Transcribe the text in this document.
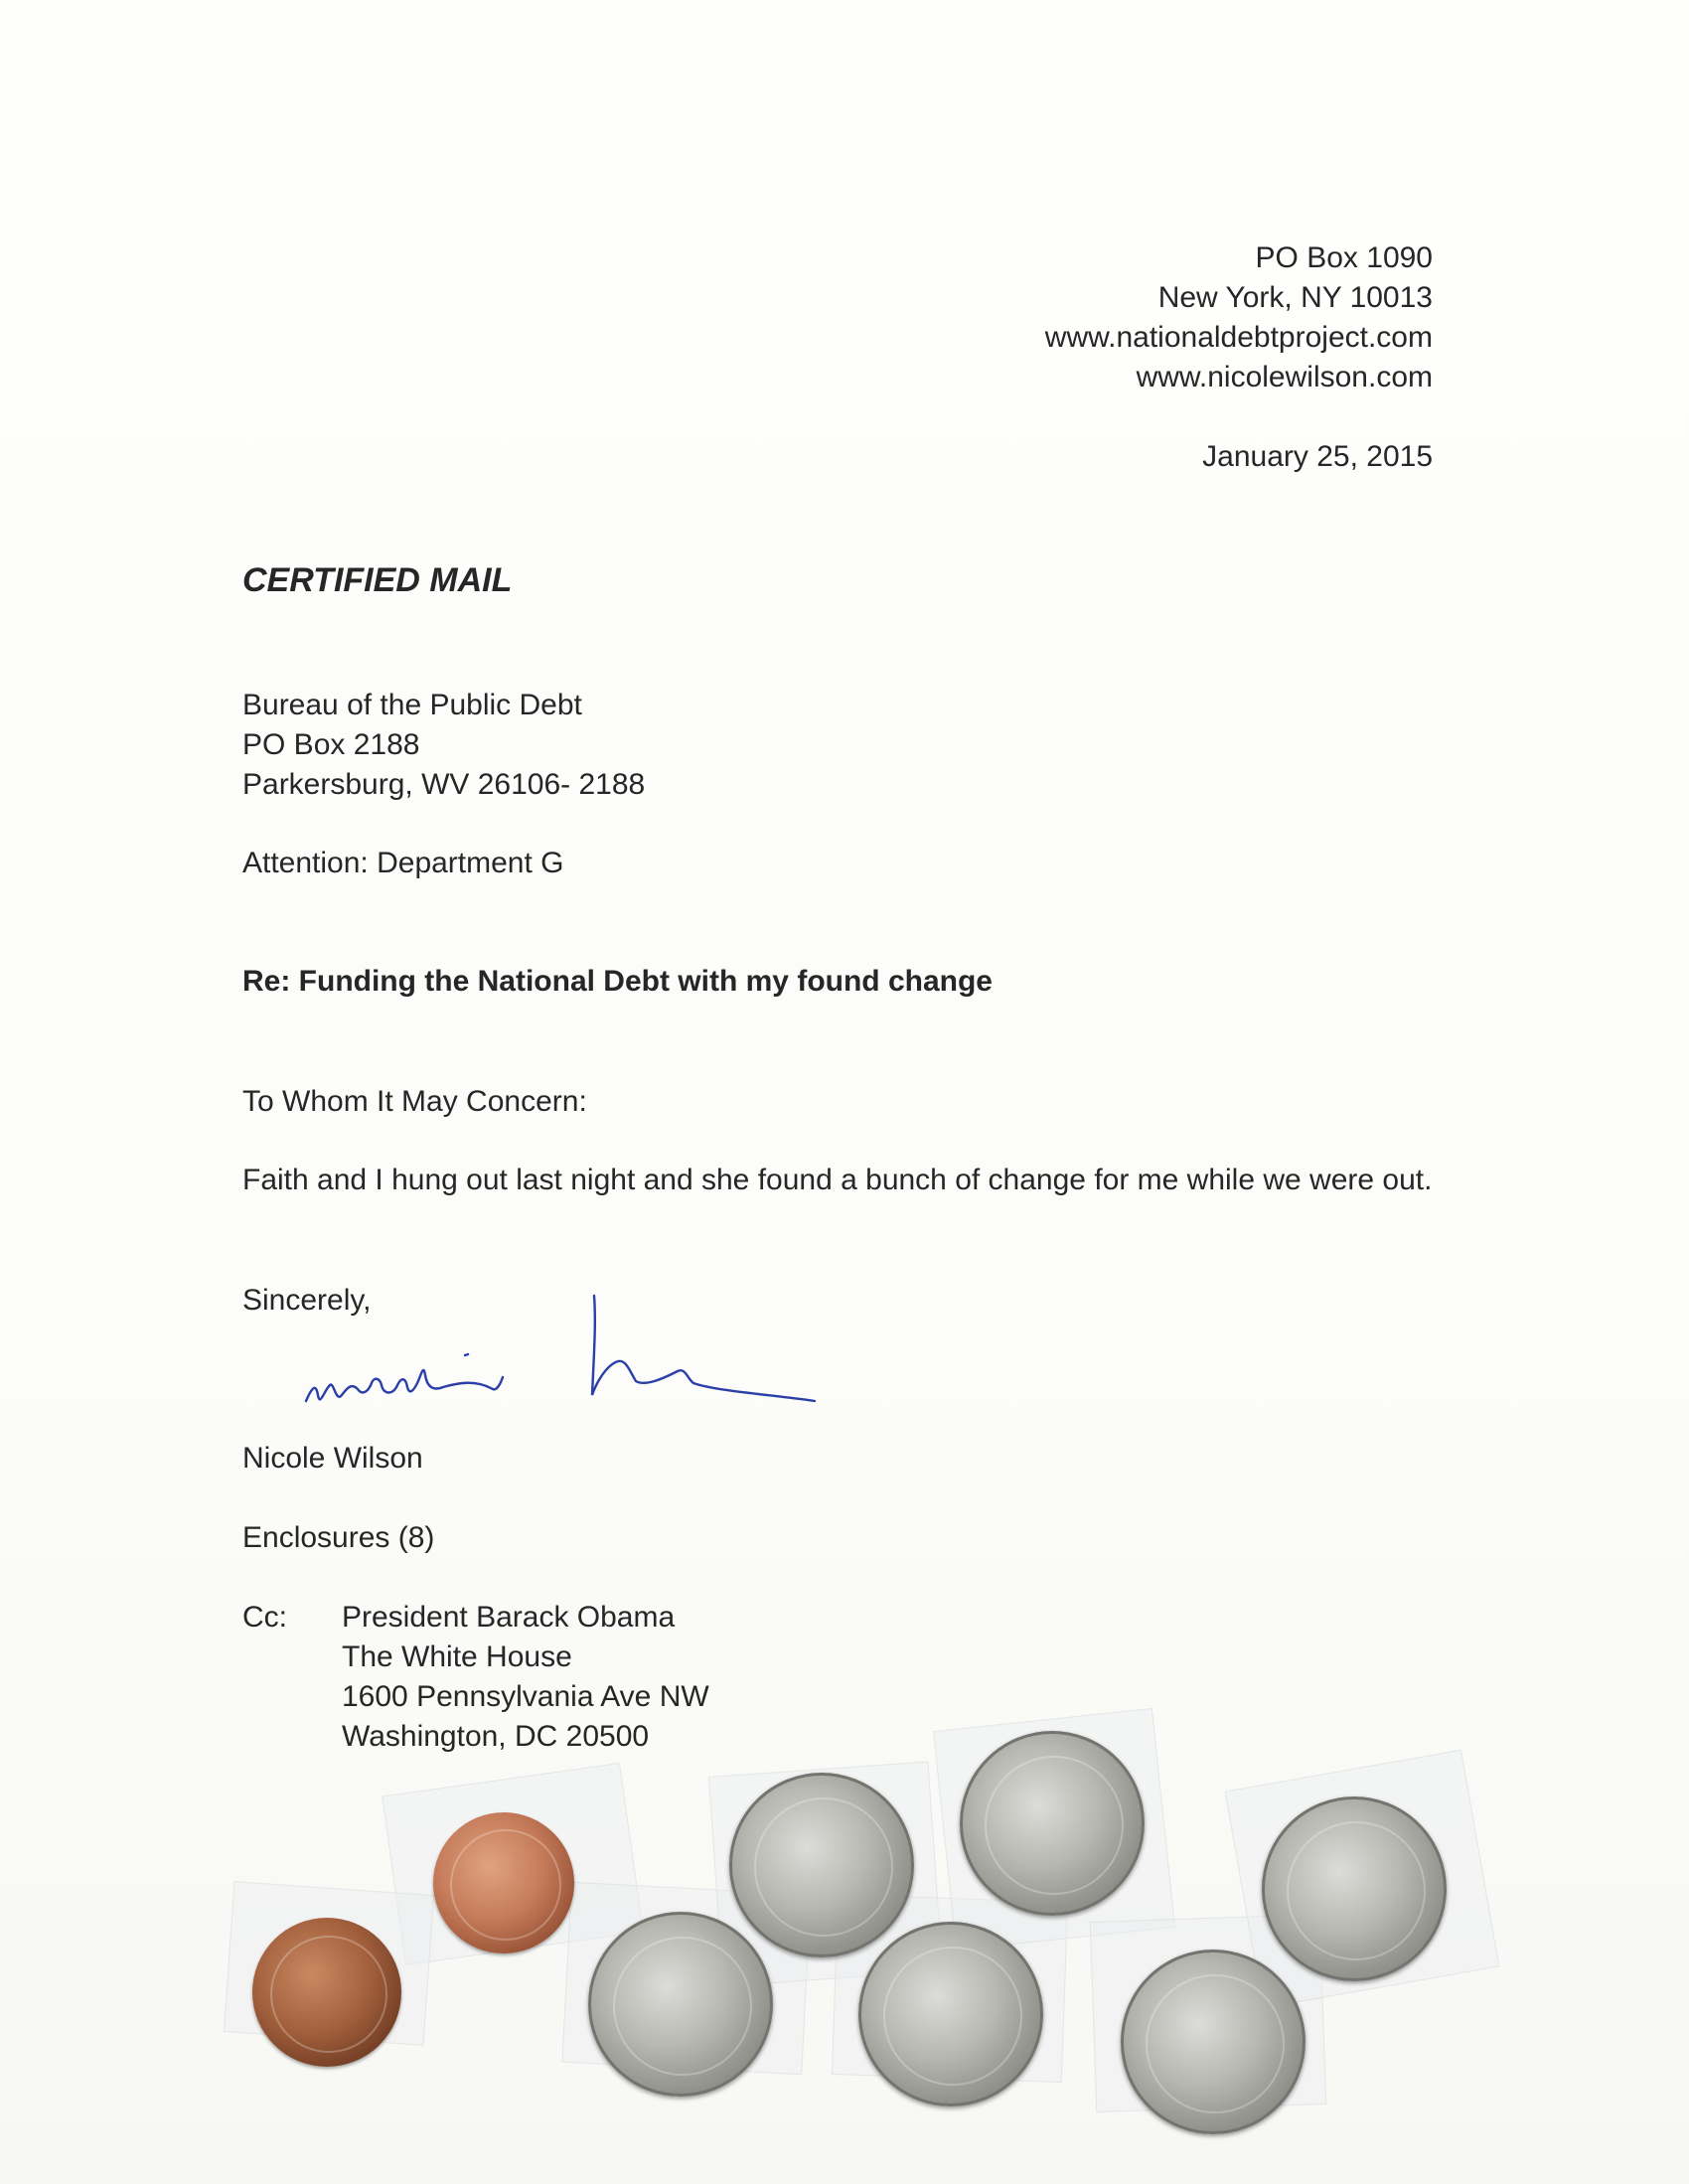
PO Box 1090
New York, NY 10013
www.nationaldebtproject.com
www.nicolewilson.com
January 25, 2015
CERTIFIED MAIL
Bureau of the Public Debt
PO Box 2188
Parkersburg, WV 26106- 2188
Attention: Department G
Re: Funding the National Debt with my found change
To Whom It May Concern:
Faith and I hung out last night and she found a bunch of change for me while we were out.
Sincerely,
Nicole Wilson
Enclosures (8)
Cc: President Barack Obama
The White House
1600 Pennsylvania Ave NW
Washington, DC 20500
